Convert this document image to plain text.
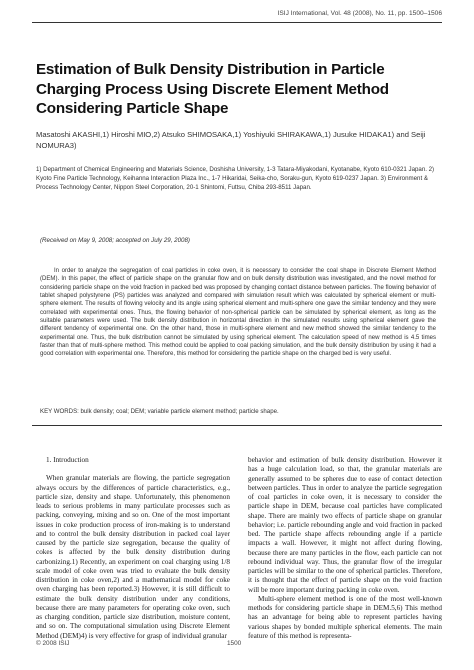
ISIJ International, Vol. 48 (2008), No. 11, pp. 1500–1506
Estimation of Bulk Density Distribution in Particle Charging Process Using Discrete Element Method Considering Particle Shape
Masatoshi AKASHI,1) Hiroshi MIO,2) Atsuko SHIMOSAKA,1) Yoshiyuki SHIRAKAWA,1) Jusuke HIDAKA1) and Seiji NOMURA3)

1) Department of Chemical Engineering and Materials Science, Doshisha University, 1-3 Tatara-Miyakodani, Kyotanabe, Kyoto 610-0321 Japan. 2) Kyoto Fine Particle Technology, Keihanna Interaction Plaza Inc., 1-7 Hikaridai, Seika-cho, Soraku-gun, Kyoto 619-0237 Japan. 3) Environment & Process Technology Center, Nippon Steel Corporation, 20-1 Shintomi, Futtsu, Chiba 293-8511 Japan.

(Received on May 9, 2008; accepted on July 29, 2008)
In order to analyze the segregation of coal particles in coke oven, it is necessary to consider the coal shape in Discrete Element Method (DEM). In this paper, the effect of particle shape on the granular flow and on bulk density distribution was investigated, and the novel method for considering particle shape on the void fraction in packed bed was proposed by changing contact distance between particles. The flowing behavior of tablet shaped polystyrene (PS) particles was analyzed and compared with simulation result which was calculated by spherical element or multi-sphere element. The results of flowing velocity and its angle using spherical element and multi-sphere one gave the similar tendency and they were correlated with experimental ones. Thus, the flowing behavior of non-spherical particle can be simulated by spherical element, as long as the suitable parameters were used. The bulk density distribution in horizontal direction in the simulated results using spherical element gave the different tendency of experimental one. On the other hand, those in multi-sphere element and new method showed the similar tendency to the experimental one. Thus, the bulk distribution cannot be simulated by using spherical element. The calculation speed of new method is 4.5 times faster than that of multi-sphere method. This method could be applied to coal packing simulation, and the bulk density distribution by using it had a good correlation with experimental one. Therefore, this method for considering the particle shape on the charged bed is very useful.
KEY WORDS: bulk density; coal; DEM; variable particle element method; particle shape.
1. Introduction

When granular materials are flowing, the particle segregation always occurs by the differences of particle characteristics, e.g., particle size, density and shape. Unfortunately, this phenomenon leads to serious problems in many particulate processes such as packing, conveying, mixing and so on. One of the most important issues in coke production process of iron-making is to understand and to control the bulk density distribution in packed coal layer caused by the particle size segregation, because the quality of cokes is affected by the bulk density distribution during carbonizing.1) Recently, an experiment on coal charging using 1/8 scale model of coke oven was tried to evaluate the bulk density distribution in coke oven,2) and a mathematical model for coke oven charging has been reported.3) However, it is still difficult to estimate the bulk density distribution under any conditions, because there are many parameters for operating coke oven, such as charging condition, particle size distribution, moisture content, and so on. The computational simulation using Discrete Element Method (DEM)4) is very effective for grasp of individual granular

behavior and estimation of bulk density distribution. However it has a huge calculation load, so that, the granular materials are generally assumed to be spheres due to ease of contact detection between particles. Thus in order to analyze the particle segregation of coal particles in coke oven, it is necessary to consider the particle shape in DEM, because coal particles have complicated shape. There are mainly two effects of particle shape on granular behavior; i.e. particle rebounding angle and void fraction in packed bed. The particle shape affects rebounding angle if a particle impacts a wall. However, it might not affect during flowing, because there are many particles in the flow, each particle can not rebound individual way. Thus, the granular flow of the irregular particles will be similar to the one of spherical particles. Therefore, it is thought that the effect of particle shape on the void fraction will be more important during packing in coke oven.

Multi-sphere element method is one of the most well-known methods for considering particle shape in DEM.5,6) This method has an advantage for being able to represent particles having various shapes by bonded multiple spherical elements. The main feature of this method is representa-

© 2008 ISIJ	1500
